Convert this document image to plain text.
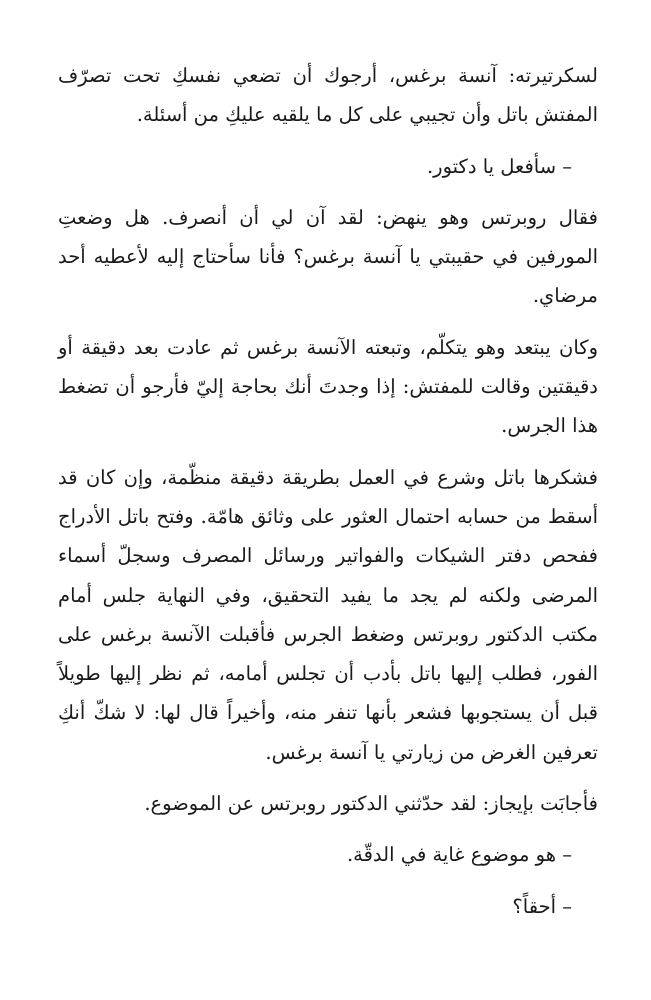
لسكرتيرته: آنسة برغس، أرجوك أن تضعي نفسكِ تحت تصرّف المفتش باتل وأن تجيبي على كل ما يلقيه عليكِ من أسئلة.

– سأفعل يا دكتور.

فقال روبرتس وهو ينهض: لقد آن لي أن أنصرف. هل وضعتِ المورفين في حقيبتي يا آنسة برغس؟ فأنا سأحتاج إليه لأعطيه أحد مرضاي.

وكان يبتعد وهو يتكلّم، وتبعته الآنسة برغس ثم عادت بعد دقيقة أو دقيقتين وقالت للمفتش: إذا وجدتَ أنك بحاجة إليّ فأرجو أن تضغط هذا الجرس.

فشكرها باتل وشرع في العمل بطريقة دقيقة منظّمة، وإن كان قد أسقط من حسابه احتمال العثور على وثائق هامّة. وفتح باتل الأدراج ففحص دفتر الشيكات والفواتير ورسائل المصرف وسجلّ أسماء المرضى ولكنه لم يجد ما يفيد التحقيق، وفي النهاية جلس أمام مكتب الدكتور روبرتس وضغط الجرس فأقبلت الآنسة برغس على الفور، فطلب إليها باتل بأدب أن تجلس أمامه، ثم نظر إليها طويلاً قبل أن يستجوبها فشعر بأنها تنفر منه، وأخيراً قال لها: لا شكّ أنكِ تعرفين الغرض من زيارتي يا آنسة برغس.

فأجابَت بإيجاز: لقد حدّثني الدكتور روبرتس عن الموضوع.

– هو موضوع غاية في الدقّة.

– أحقاً؟
